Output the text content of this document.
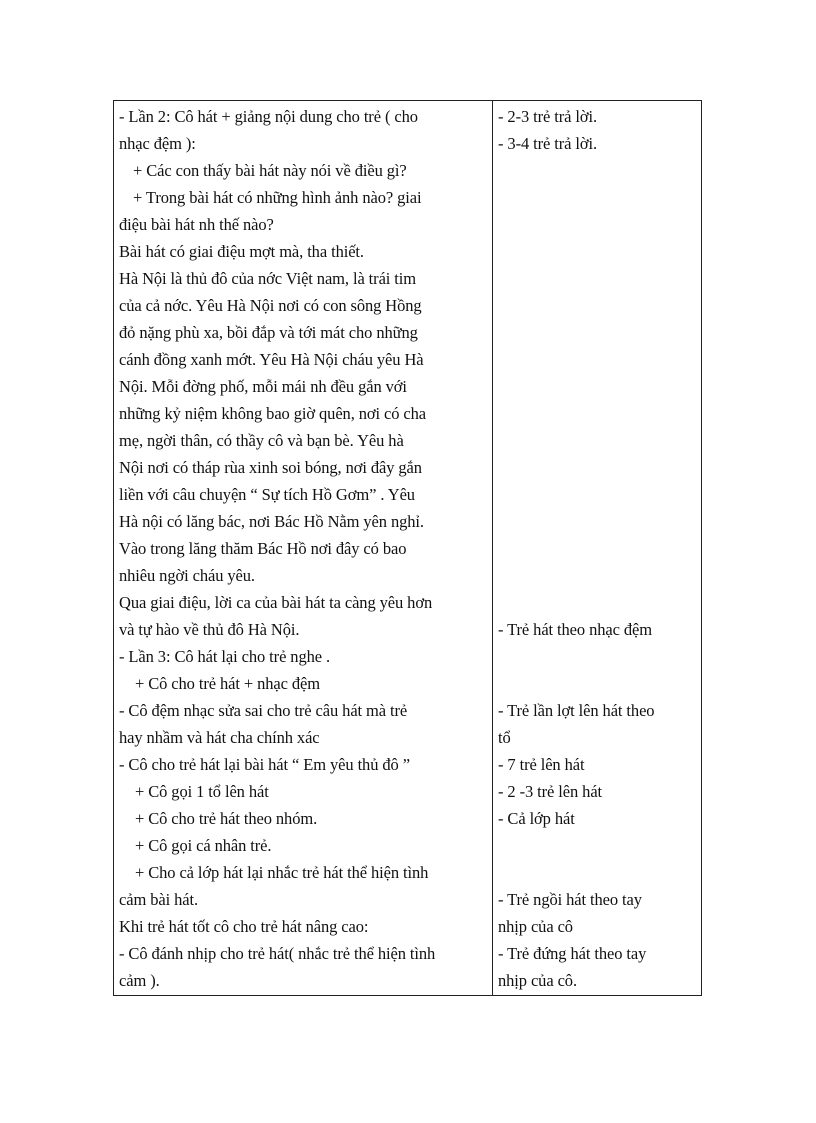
- Lần 2: Cô hát + giảng nội dung cho trẻ ( cho
nhạc đệm ):
+ Các con thấy bài hát này nói về điều gì?
+ Trong bài hát có những hình ảnh nào? giai
điệu bài hát nh thế nào?
Bài hát có giai điệu mợt mà, tha thiết.
Hà Nội là thủ đô của nớc Việt nam, là trái tim
của cả nớc. Yêu Hà Nội nơi có con sông Hồng
đỏ nặng phù xa, bồi đắp và tới mát cho những
cánh đồng xanh mớt. Yêu Hà Nội cháu yêu Hà
Nội. Mỗi đờng phố, mỗi mái nh đều gắn với
những kỷ niệm không bao giờ quên, nơi có cha
mẹ, ngời thân, có thầy cô và bạn bè. Yêu hà
Nội nơi có tháp rùa xinh soi bóng, nơi đây gắn
liền với câu chuyện “ Sự tích Hồ Gơm” . Yêu
Hà nội có lăng bác, nơi Bác Hồ Nằm yên nghỉ.
Vào trong lăng thăm Bác Hồ nơi đây có bao
nhiêu ngời cháu yêu.
Qua giai điệu, lời ca của bài hát ta càng yêu hơn
và tự hào về thủ đô Hà Nội.
- Lần 3: Cô hát lại cho trẻ nghe .
+ Cô cho trẻ hát + nhạc đệm
- Cô đệm nhạc sửa sai cho trẻ câu hát mà trẻ
hay nhầm và hát cha chính xác
- Cô cho trẻ hát lại bài hát “ Em yêu thủ đô ”
+ Cô gọi 1 tổ lên hát
+ Cô cho trẻ hát theo nhóm.
+ Cô gọi cá nhân trẻ.
+ Cho cả lớp hát lại nhắc trẻ hát thể hiện tình
cảm bài hát.
Khi trẻ hát tốt cô cho trẻ hát nâng cao:
- Cô đánh nhịp cho trẻ hát( nhắc trẻ thể hiện tình
cảm ).
- 2-3 trẻ trả lời.
- 3-4 trẻ trả lời.
- Trẻ hát theo nhạc đệm
- Trẻ lần lợt lên hát theo
tổ
- 7 trẻ lên hát
- 2 -3 trẻ lên hát
- Cả lớp hát
- Trẻ ngồi hát theo tay
nhịp của cô
- Trẻ đứng hát theo tay
nhịp của cô.
